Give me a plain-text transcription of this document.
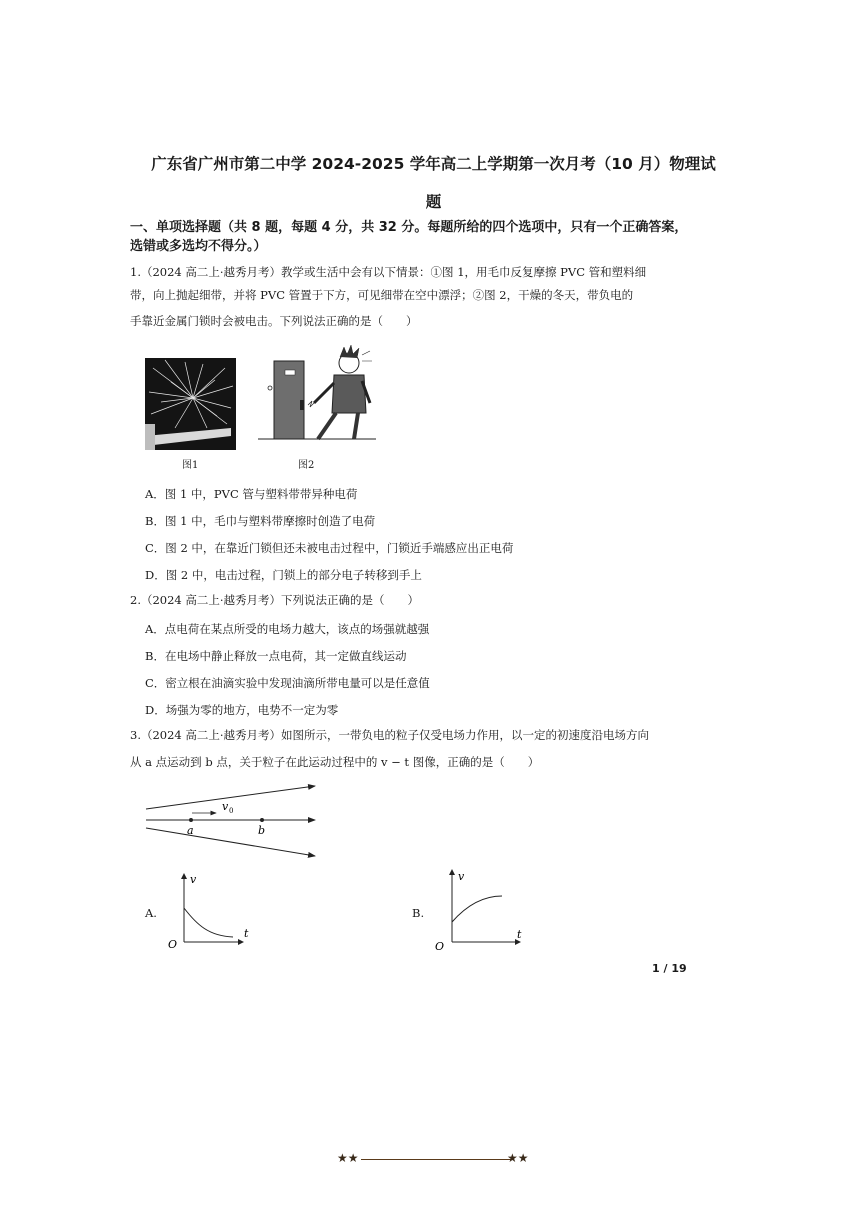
广东省广州市第二中学 2024-2025 学年高二上学期第一次月考（10 月）物理试
题
一、单项选择题（共 8 题，每题 4 分，共 32 分。每题所给的四个选项中，只有一个正确答案，
选错或多选均不得分。）
1.（2024 高二上·越秀月考）教学或生活中会有以下情景：①图 1，用毛巾反复摩擦 PVC 管和塑料细
带，向上抛起细带，并将 PVC 管置于下方，可见细带在空中漂浮；②图 2，干燥的冬天，带负电的
手靠近金属门锁时会被电击。下列说法正确的是（　　）
图1	图2
A．图 1 中，PVC 管与塑料带带异种电荷
B．图 1 中，毛巾与塑料带摩擦时创造了电荷
C．图 2 中，在靠近门锁但还未被电击过程中，门锁近手端感应出正电荷
D．图 2 中，电击过程，门锁上的部分电子转移到手上
2.（2024 高二上·越秀月考）下列说法正确的是（　　）
A．点电荷在某点所受的电场力越大，该点的场强就越强
B．在电场中静止释放一点电荷，其一定做直线运动
C．密立根在油滴实验中发现油滴所带电量可以是任意值
D．场强为零的地方，电势不一定为零
3.（2024 高二上·越秀月考）如图所示，一带负电的粒子仅受电场力作用，以一定的初速度沿电场方向
从 a 点运动到 b 点，关于粒子在此运动过程中的 v − t 图像，正确的是（　　）
v 0
a	b
A.
v
t
O
B.
v
t
O
1 / 19
★★	★★
